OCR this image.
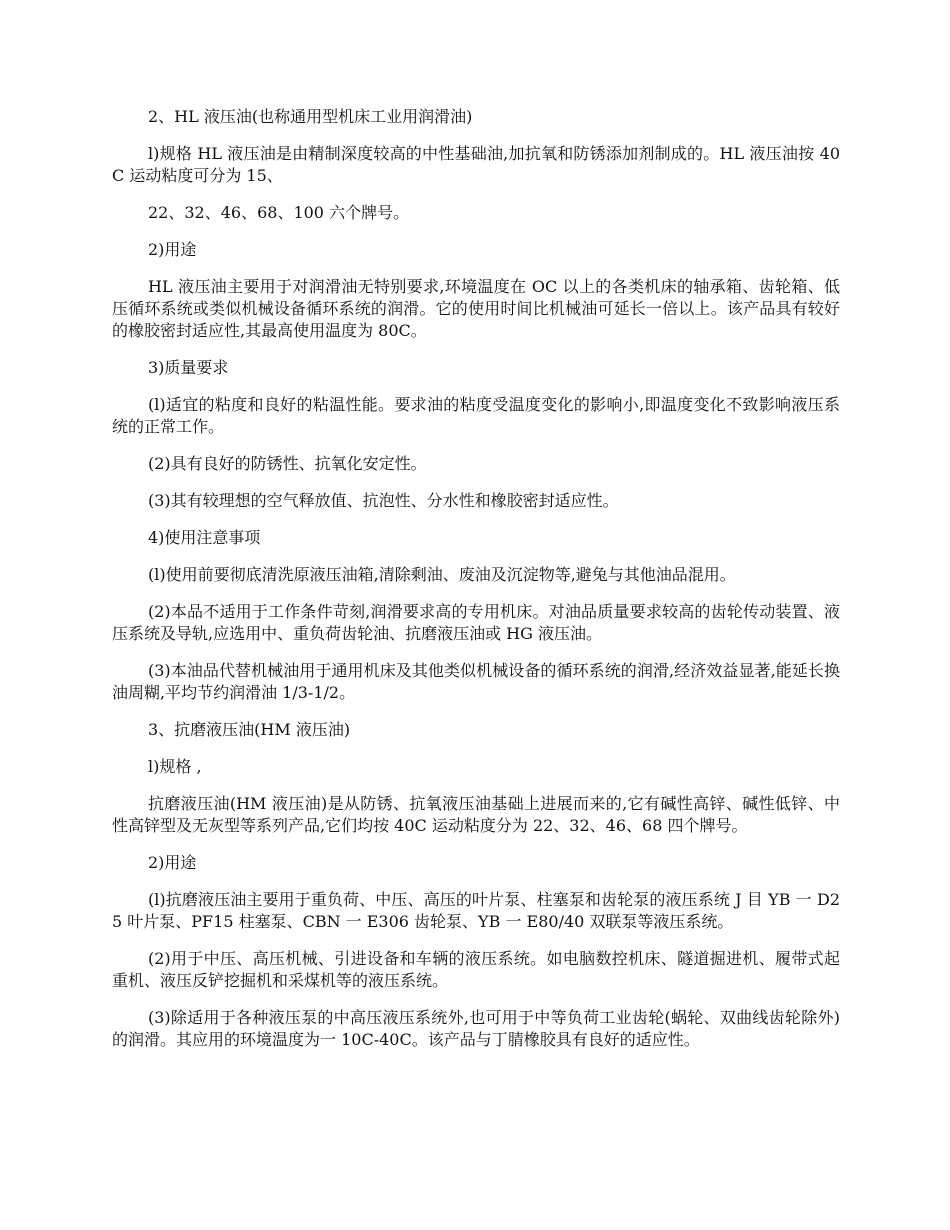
2、HL 液压油(也称通用型机床工业用润滑油)

l)规格 HL 液压油是由精制深度较高的中性基础油,加抗氧和防锈添加剂制成的。HL 液压油按 40C 运动粘度可分为 15、

22、32、46、68、100 六个牌号。

2)用途

HL 液压油主要用于对润滑油无特别要求,环境温度在 OC 以上的各类机床的轴承箱、齿轮箱、低压循环系统或类似机械设备循环系统的润滑。它的使用时间比机械油可延长一倍以上。该产品具有较好的橡胶密封适应性,其最高使用温度为 80C。

3)质量要求

(l)适宜的粘度和良好的粘温性能。要求油的粘度受温度变化的影响小,即温度变化不致影响液压系统的正常工作。

(2)具有良好的防锈性、抗氧化安定性。

(3)其有较理想的空气释放值、抗泡性、分水性和橡胶密封适应性。

4)使用注意事项

(l)使用前要彻底清洗原液压油箱,清除剩油、废油及沉淀物等,避兔与其他油品混用。

(2)本品不适用于工作条件苛刻,润滑要求高的专用机床。对油品质量要求较高的齿轮传动装置、液压系统及导轨,应选用中、重负荷齿轮油、抗磨液压油或 HG 液压油。

(3)本油品代替机械油用于通用机床及其他类似机械设备的循环系统的润滑,经济效益显著,能延长换油周糊,平均节约润滑油 1/3-1/2。

3、抗磨液压油(HM 液压油)

l)规格 ,

抗磨液压油(HM 液压油)是从防锈、抗氧液压油基础上进展而来的,它有碱性高锌、碱性低锌、中性高锌型及无灰型等系列产品,它们均按 40C 运动粘度分为 22、32、46、68 四个牌号。

2)用途

(l)抗磨液压油主要用于重负荷、中压、高压的叶片泵、柱塞泵和齿轮泵的液压系统 J 目 YB 一 D25 叶片泵、PF15 柱塞泵、CBN 一 E306 齿轮泵、YB 一 E80/40 双联泵等液压系统。

(2)用于中压、高压机械、引进设备和车辆的液压系统。如电脑数控机床、隧道掘进机、履带式起重机、液压反铲挖掘机和采煤机等的液压系统。

(3)除适用于各种液压泵的中高压液压系统外,也可用于中等负荷工业齿轮(蜗轮、双曲线齿轮除外)的润滑。其应用的环境温度为一 10C-40C。该产品与丁腈橡胶具有良好的适应性。
